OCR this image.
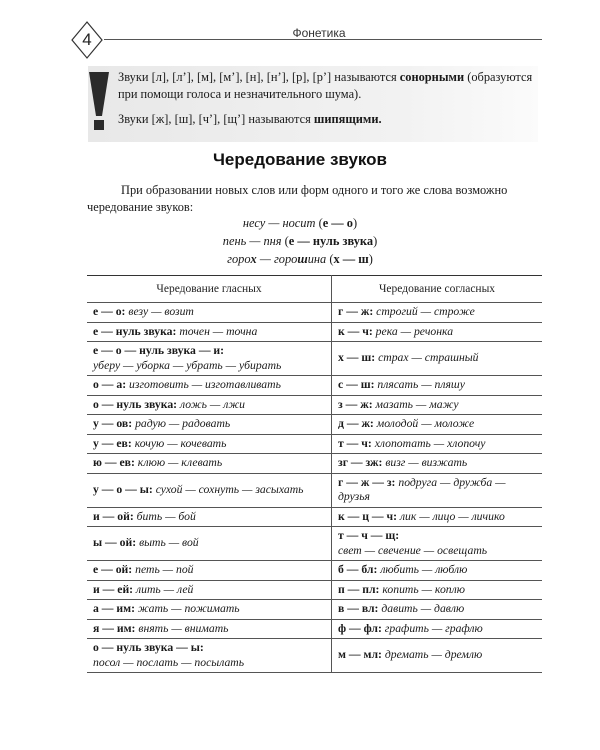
4	Фонетика

Звуки [л], [л’], [м], [м’], [н], [н’], [р], [р’] называются сонорными (образуются при помощи голоса и незначительного шума).

Звуки [ж], [ш], [ч’], [щ’] называются шипящими.

Чередование звуков
При образовании новых слов или форм одного и того же слова возможно чередование звуков:
несу — носит (е — о)
пень — пня (е — нуль звука)
горох — горошина (х — ш)
Чередование гласных	Чередование согласных
е — о: везу — возит	г — ж: строгий — строже
е — нуль звука: точен — точна	к — ч: река — речонка
е — о — нуль звука — и:
уберу — уборка — убрать — убирать	х — ш: страх — страшный
о — а: изготовить — изготавливать	с — ш: плясать — пляшу
о — нуль звука: ложь — лжи	з — ж: мазать — мажу
у — ов: радую — радовать	д — ж: молодой — моложе
у — ев: кочую — кочевать	т — ч: хлопотать — хлопочу
ю — ев: клюю — клевать	зг — зж: визг — визжать
у — о — ы: сухой — сохнуть — засыхать	г — ж — з: подруга — дружба — друзья
и — ой: бить — бой	к — ц — ч: лик — лицо — личико
ы — ой: выть — вой	т — ч — щ:
свет — свечение — освещать
е — ой: петь — пой	б — бл: любить — люблю
и — ей: лить — лей	п — пл: копить — коплю
а — им: жать — пожимать	в — вл: давить — давлю
я — им: внять — внимать	ф — фл: графить — графлю
о — нуль звука — ы:
посол — послать — посылать	м — мл: дремать — дремлю
